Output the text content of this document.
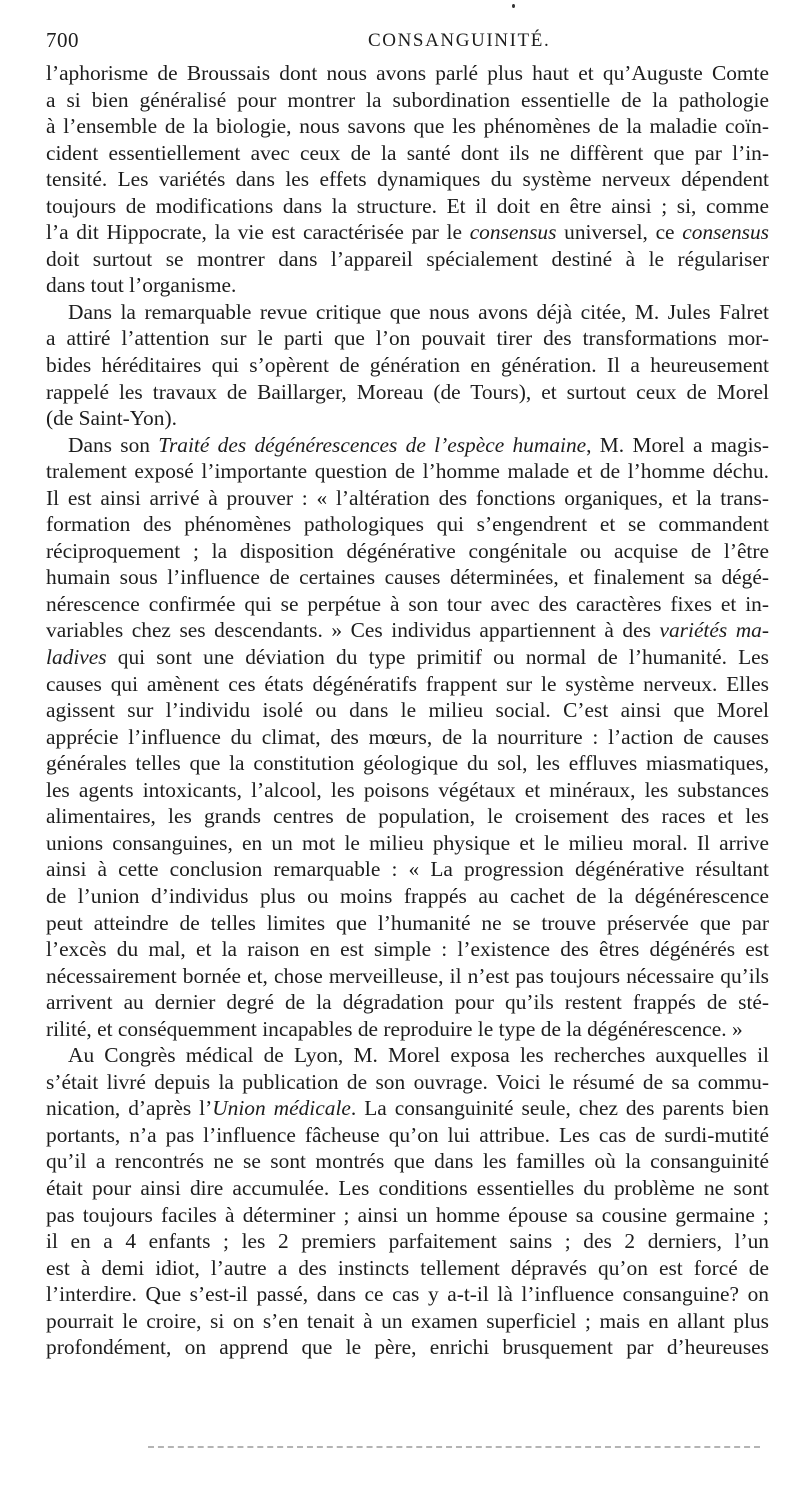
700	CONSANGUINITÉ.

l’aphorisme de Broussais dont nous avons parlé plus haut et qu’Auguste Comte

a si bien généralisé pour montrer la subordination essentielle de la pathologie

à l’ensemble de la biologie, nous savons que les phénomènes de la maladie coïn-

cident essentiellement avec ceux de la santé dont ils ne diffèrent que par l’in-

tensité. Les variétés dans les effets dynamiques du système nerveux dépendent

toujours de modifications dans la structure. Et il doit en être ainsi ; si, comme

l’a dit Hippocrate, la vie est caractérisée par le consensus universel, ce consensus

doit surtout se montrer dans l’appareil spécialement destiné à le régulariser

dans tout l’organisme.

Dans la remarquable revue critique que nous avons déjà citée, M. Jules Falret

a attiré l’attention sur le parti que l’on pouvait tirer des transformations mor-

bides héréditaires qui s’opèrent de génération en génération. Il a heureusement

rappelé les travaux de Baillarger, Moreau (de Tours), et surtout ceux de Morel

(de Saint-Yon).

Dans son Traité des dégénérescences de l’espèce humaine, M. Morel a magis-

tralement exposé l’importante question de l’homme malade et de l’homme déchu.

Il est ainsi arrivé à prouver : « l’altération des fonctions organiques, et la trans-

formation des phénomènes pathologiques qui s’engendrent et se commandent

réciproquement ; la disposition dégénérative congénitale ou acquise de l’être

humain sous l’influence de certaines causes déterminées, et finalement sa dégé-

nérescence confirmée qui se perpétue à son tour avec des caractères fixes et in-

variables chez ses descendants. » Ces individus appartiennent à des variétés ma-

ladives qui sont une déviation du type primitif ou normal de l’humanité. Les

causes qui amènent ces états dégénératifs frappent sur le système nerveux. Elles

agissent sur l’individu isolé ou dans le milieu social. C’est ainsi que Morel

apprécie l’influence du climat, des mœurs, de la nourriture : l’action de causes

générales telles que la constitution géologique du sol, les effluves miasmatiques,

les agents intoxicants, l’alcool, les poisons végétaux et minéraux, les substances

alimentaires, les grands centres de population, le croisement des races et les

unions consanguines, en un mot le milieu physique et le milieu moral. Il arrive

ainsi à cette conclusion remarquable : « La progression dégénérative résultant

de l’union d’individus plus ou moins frappés au cachet de la dégénérescence

peut atteindre de telles limites que l’humanité ne se trouve préservée que par

l’excès du mal, et la raison en est simple : l’existence des êtres dégénérés est

nécessairement bornée et, chose merveilleuse, il n’est pas toujours nécessaire qu’ils

arrivent au dernier degré de la dégradation pour qu’ils restent frappés de sté-

rilité, et conséquemment incapables de reproduire le type de la dégénérescence. »

Au Congrès médical de Lyon, M. Morel exposa les recherches auxquelles il

s’était livré depuis la publication de son ouvrage. Voici le résumé de sa commu-

nication, d’après l’Union médicale. La consanguinité seule, chez des parents bien

portants, n’a pas l’influence fâcheuse qu’on lui attribue. Les cas de surdi-mutité

qu’il a rencontrés ne se sont montrés que dans les familles où la consanguinité

était pour ainsi dire accumulée. Les conditions essentielles du problème ne sont

pas toujours faciles à déterminer ; ainsi un homme épouse sa cousine germaine ;

il en a 4 enfants ; les 2 premiers parfaitement sains ; des 2 derniers, l’un

est à demi idiot, l’autre a des instincts tellement dépravés qu’on est forcé de

l’interdire. Que s’est-il passé, dans ce cas y a-t-il là l’influence consanguine? on

pourrait le croire, si on s’en tenait à un examen superficiel ; mais en allant plus

profondément, on apprend que le père, enrichi brusquement par d’heureuses
